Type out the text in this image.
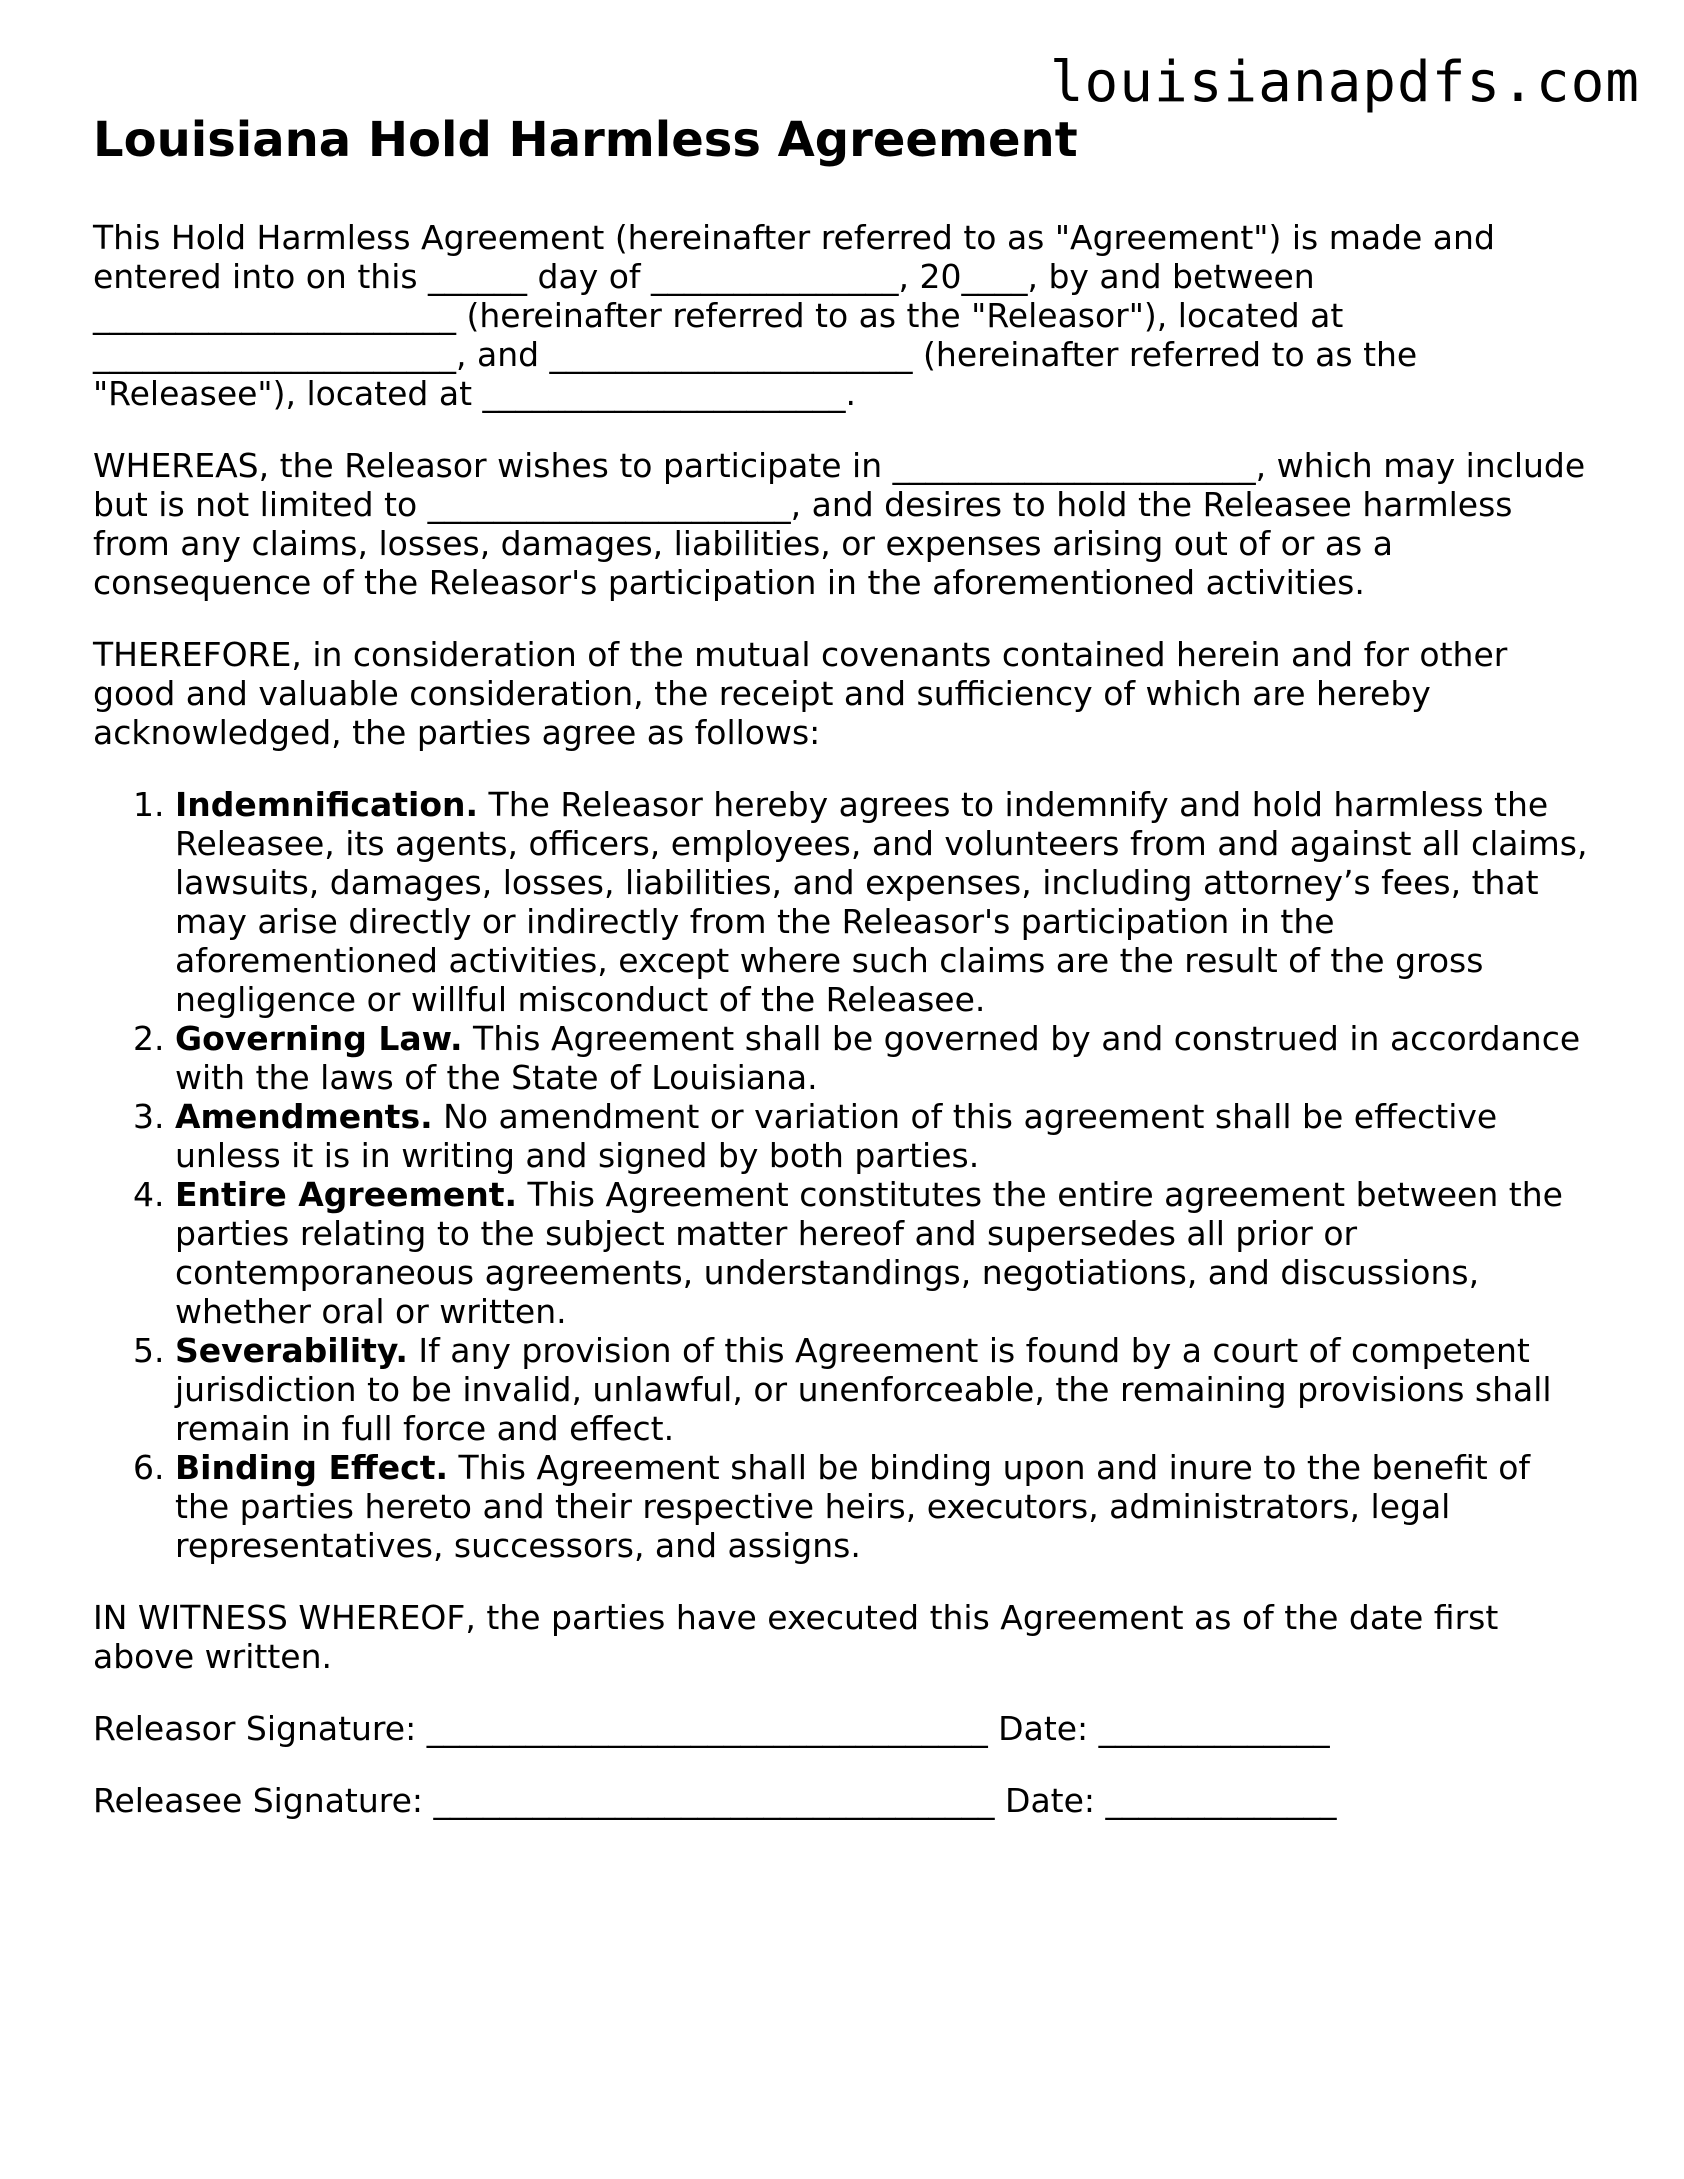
louisianapdfs.com
Louisiana Hold Harmless Agreement

This Hold Harmless Agreement (hereinafter referred to as "Agreement") is made and entered into on this ______ day of _______________, 20____, by and between ______________________ (hereinafter referred to as the "Releasor"), located at ______________________, and ______________________ (hereinafter referred to as the "Releasee"), located at ______________________.

WHEREAS, the Releasor wishes to participate in ______________________, which may include but is not limited to ______________________, and desires to hold the Releasee harmless from any claims, losses, damages, liabilities, or expenses arising out of or as a consequence of the Releasor's participation in the aforementioned activities.

THEREFORE, in consideration of the mutual covenants contained herein and for other good and valuable consideration, the receipt and sufficiency of which are hereby acknowledged, the parties agree as follows:

1. Indemnification. The Releasor hereby agrees to indemnify and hold harmless the Releasee, its agents, officers, employees, and volunteers from and against all claims, lawsuits, damages, losses, liabilities, and expenses, including attorney’s fees, that may arise directly or indirectly from the Releasor's participation in the aforementioned activities, except where such claims are the result of the gross negligence or willful misconduct of the Releasee.
2. Governing Law. This Agreement shall be governed by and construed in accordance with the laws of the State of Louisiana.
3. Amendments. No amendment or variation of this agreement shall be effective unless it is in writing and signed by both parties.
4. Entire Agreement. This Agreement constitutes the entire agreement between the parties relating to the subject matter hereof and supersedes all prior or contemporaneous agreements, understandings, negotiations, and discussions, whether oral or written.
5. Severability. If any provision of this Agreement is found by a court of competent jurisdiction to be invalid, unlawful, or unenforceable, the remaining provisions shall remain in full force and effect.
6. Binding Effect. This Agreement shall be binding upon and inure to the benefit of the parties hereto and their respective heirs, executors, administrators, legal representatives, successors, and assigns.

IN WITNESS WHEREOF, the parties have executed this Agreement as of the date first above written.

Releasor Signature: __________________________________ Date: ______________
Releasee Signature: __________________________________ Date: ______________
